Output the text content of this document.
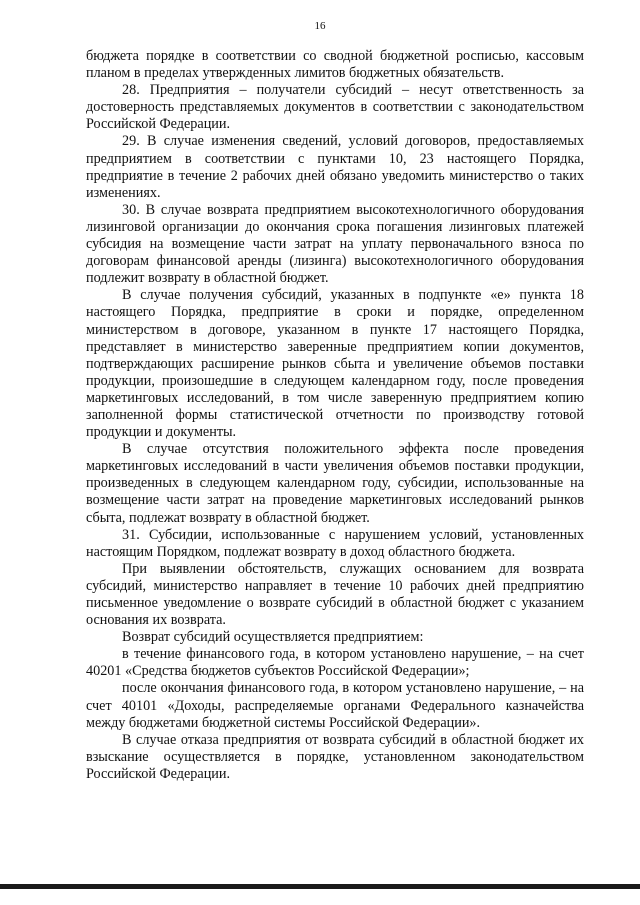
16

бюджета порядке в соответствии со сводной бюджетной росписью, кассовым планом в пределах утвержденных лимитов бюджетных обязательств.

28. Предприятия – получатели субсидий – несут ответственность за достоверность представляемых документов в соответствии с законодательством Российской Федерации.

29. В случае изменения сведений, условий договоров, предоставляемых предприятием в соответствии с пунктами 10, 23 настоящего Порядка, предприятие в течение 2 рабочих дней обязано уведомить министерство о таких изменениях.

30. В случае возврата предприятием высокотехнологичного оборудования лизинговой организации до окончания срока погашения лизинговых платежей субсидия на возмещение части затрат на уплату первоначального взноса по договорам финансовой аренды (лизинга) высокотехнологичного оборудования подлежит возврату в областной бюджет.

В случае получения субсидий, указанных в подпункте «е» пункта 18 настоящего Порядка, предприятие в сроки и порядке, определенном министерством в договоре, указанном в пункте 17 настоящего Порядка, представляет в министерство заверенные предприятием копии документов, подтверждающих расширение рынков сбыта и увеличение объемов поставки продукции, произошедшие в следующем календарном году, после проведения маркетинговых исследований, в том числе заверенную предприятием копию заполненной формы статистической отчетности по производству готовой продукции и документы.

В случае отсутствия положительного эффекта после проведения маркетинговых исследований в части увеличения объемов поставки продукции, произведенных в следующем календарном году, субсидии, использованные на возмещение части затрат на проведение маркетинговых исследований рынков сбыта, подлежат возврату в областной бюджет.

31. Субсидии, использованные с нарушением условий, установленных настоящим Порядком, подлежат возврату в доход областного бюджета.

При выявлении обстоятельств, служащих основанием для возврата субсидий, министерство направляет в течение 10 рабочих дней предприятию письменное уведомление о возврате субсидий в областной бюджет с указанием основания их возврата.

Возврат субсидий осуществляется предприятием:

в течение финансового года, в котором установлено нарушение, – на счет 40201 «Средства бюджетов субъектов Российской Федерации»;

после окончания финансового года, в котором установлено нарушение, – на счет 40101 «Доходы, распределяемые органами Федерального казначейства между бюджетами бюджетной системы Российской Федерации».

В случае отказа предприятия от возврата субсидий в областной бюджет их взыскание осуществляется в порядке, установленном законодательством Российской Федерации.
